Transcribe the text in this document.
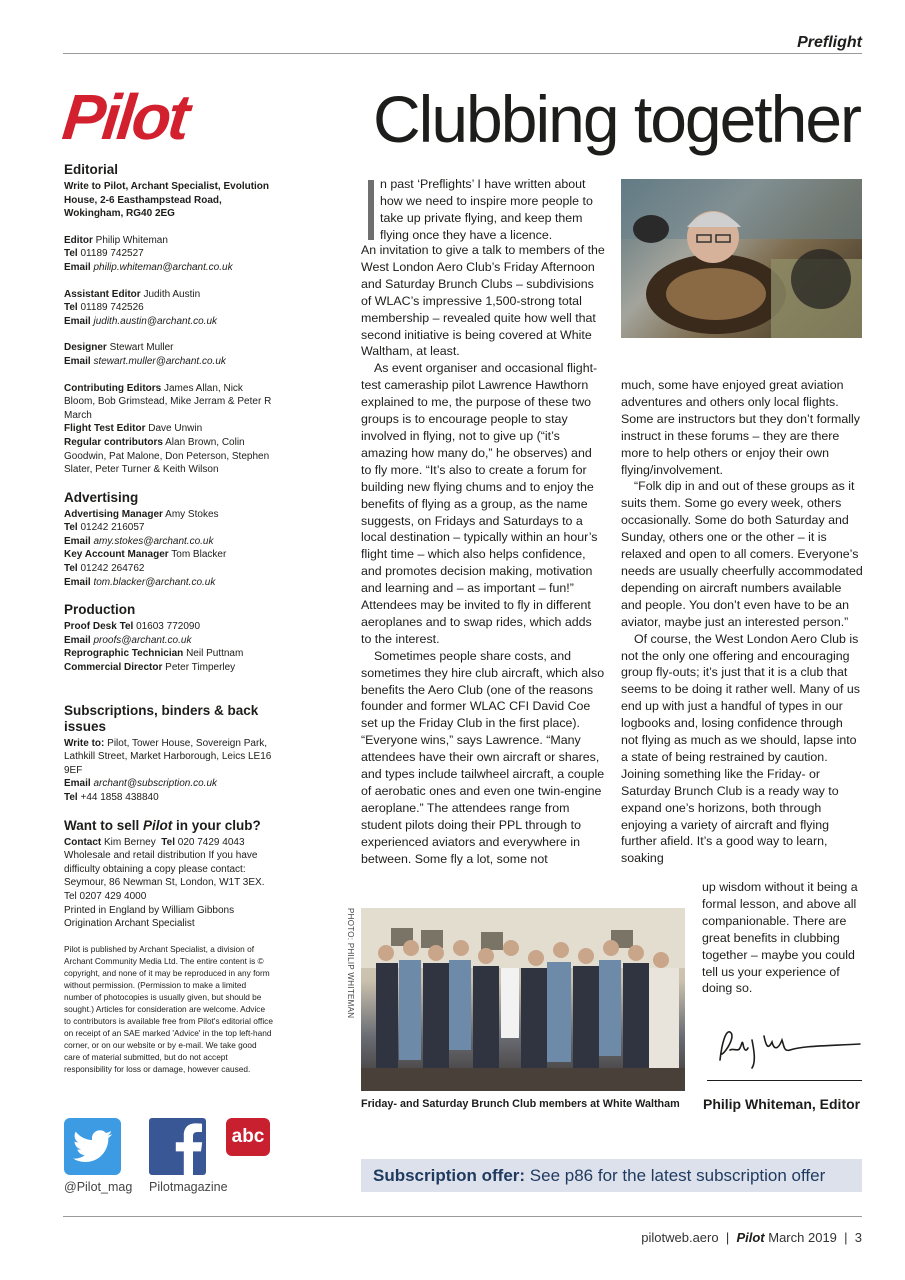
Preflight
Pilot
Editorial
Write to Pilot, Archant Specialist, Evolution House, 2-6 Easthampstead Road, Wokingham, RG40 2EG

Editor Philip Whiteman

Tel 01189 742527

Email philip.whiteman@archant.co.uk

Assistant Editor Judith Austin

Tel 01189 742526

Email judith.austin@archant.co.uk

Designer Stewart Muller

Email stewart.muller@archant.co.uk

Contributing Editors James Allan, Nick Bloom, Bob Grimstead, Mike Jerram & Peter R March

Flight Test Editor Dave Unwin

Regular contributors Alan Brown, Colin Goodwin, Pat Malone, Don Peterson, Stephen Slater, Peter Turner & Keith Wilson

Advertising

Advertising Manager Amy Stokes

Tel 01242 216057

Email amy.stokes@archant.co.uk

Key Account Manager Tom Blacker

Tel 01242 264762

Email tom.blacker@archant.co.uk

Production

Proof Desk Tel 01603 772090

Email proofs@archant.co.uk

Reprographic Technician Neil Puttnam

Commercial Director Peter Timperley

Subscriptions, binders & back issues

Write to: Pilot, Tower House, Sovereign Park, Lathkill Street, Market Harborough, Leics LE16 9EF

Email archant@subscription.co.uk

Tel +44 1858 438840

Want to sell Pilot in your club?

Contact Kim Berney Tel 020 7429 4043

Wholesale and retail distribution If you have difficulty obtaining a copy please contact: Seymour, 86 Newman St, London, W1T 3EX. Tel 0207 429 4000

Printed in England by William Gibbons

Origination Archant Specialist

Pilot is published by Archant Specialist, a division of Archant Community Media Ltd. The entire content is © copyright, and none of it may be reproduced in any form without permission. (Permission to make a limited number of photocopies is usually given, but should be sought.) Articles for consideration are welcome. Advice to contributors is available free from Pilot's editorial office on receipt of an SAE marked 'Advice' in the top left-hand corner, or on our website or by e-mail. We take good care of material submitted, but do not accept responsibility for loss or damage, however caused.

abc
@Pilot_mag Pilotmagazine
Clubbing together

n past ‘Preflights’ I have written about how we need to inspire more people to take up private flying, and keep them flying once they have a licence.

An invitation to give a talk to members of the West London Aero Club’s Friday Afternoon and Saturday Brunch Clubs – subdivisions of WLAC’s impressive 1,500-strong total membership – revealed quite how well that second initiative is being covered at White Waltham, at least.

As event organiser and occasional flight-test cameraship pilot Lawrence Hawthorn explained to me, the purpose of these two groups is to encourage people to stay involved in flying, not to give up (“it’s amazing how many do,” he observes) and to fly more. “It’s also to create a forum for building new flying chums and to enjoy the benefits of flying as a group, as the name suggests, on Fridays and Saturdays to a local destination – typically within an hour’s flight time – which also helps confidence, and promotes decision making, motivation and learning and – as important – fun!” Attendees may be invited to fly in different aeroplanes and to swap rides, which adds to the interest.

Sometimes people share costs, and sometimes they hire club aircraft, which also benefits the Aero Club (one of the reasons founder and former WLAC CFI David Coe set up the Friday Club in the first place). “Everyone wins,” says Lawrence. “Many attendees have their own aircraft or shares, and types include tailwheel aircraft, a couple of aerobatic ones and even one twin-engine aeroplane.” The attendees range from student pilots doing their PPL through to experienced aviators and everywhere in between. Some fly a lot, some not

much, some have enjoyed great aviation adventures and others only local flights. Some are instructors but they don’t formally instruct in these forums – they are there more to help others or enjoy their own flying/involvement.

“Folk dip in and out of these groups as it suits them. Some go every week, others occasionally. Some do both Saturday and Sunday, others one or the other – it is relaxed and open to all comers. Everyone’s needs are usually cheerfully accommodated depending on aircraft numbers available and people. You don’t even have to be an aviator, maybe just an interested person.”

Of course, the West London Aero Club is not the only one offering and encouraging group fly-outs; it’s just that it is a club that seems to be doing it rather well. Many of us end up with just a handful of types in our logbooks and, losing confidence through not flying as much as we should, lapse into a state of being restrained by caution. Joining something like the Friday- or Saturday Brunch Club is a ready way to expand one’s horizons, both through enjoying a variety of aircraft and flying further afield. It’s a good way to learn, soaking

up wisdom without it being a formal lesson, and above all companionable. There are great benefits in clubbing together – maybe you could tell us your experience of doing so.

PHOTO: PHILIP WHITEMAN
Friday- and Saturday Brunch Club members at White Waltham Philip Whiteman, Editor
Subscription offer:
See p86 for the latest subscription offer
pilotweb.aero | Pilot March 2019 | 3
